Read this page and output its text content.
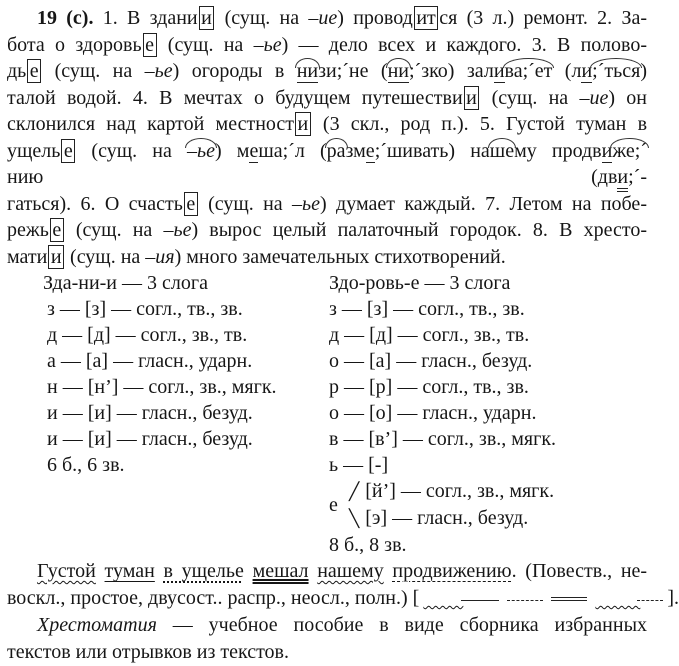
19 (с). 1. В здани и (сущ. на –ие) провод ит ся (3 л.) ремонт. 2. За-
бота о здоровь е (сущ. на –ье) — дело всех и каждого. 3. В полово-
дь е (сущ. на –ье) огороды в низи;´не (ни;´зко) залива;´ет (ли;´ться)
талой водой. 4. В мечтах о будущем путешестви и (сущ. на –ие) он
склонился над картой местност и (3 скл., род п.). 5. Густой туман в
ущель е (сущ. на –ье) меша;´л (разме;´шивать) нашему продвиже;´
нию	(дви;´-
гаться). 6. О счасть е (сущ. на –ье) думает каждый. 7. Летом на побе-
режь е (сущ. на –ье) вырос целый палаточный городок. 8. В хресто-
мати и (сущ. на –ия) много замечательных стихотворений.
Зда-ни-и — 3 слога
з — [з] — согл., тв., зв.
д — [д] — согл., зв., тв.
а — [а] — гласн., ударн.
н — [н’] — согл., зв., мягк.
и — [и] — гласн., безуд.
и — [и] — гласн., безуд.
6 б., 6 зв.
Здо-ровь-е — 3 слога
з — [з] — согл., тв., зв.
д — [д] — согл., зв., тв.
о — [а] — гласн., безуд.
р — [р] — согл., тв., зв.
о — [о] — гласн., ударн.
в — [в’] — согл., зв., мягк.
ь — [-]
е
╱ [й’] — согл., зв., мягк.
╲ [э] — гласн., безуд.
8 б., 8 зв.
Густой туман в ущелье мешал нашему продвижению. (Повеств., не-
воскл., простое, двусост.. распр., неосл., полн.) [	].
Хрестоматия — учебное пособие в виде сборника избранных
текстов или отрывков из текстов.
